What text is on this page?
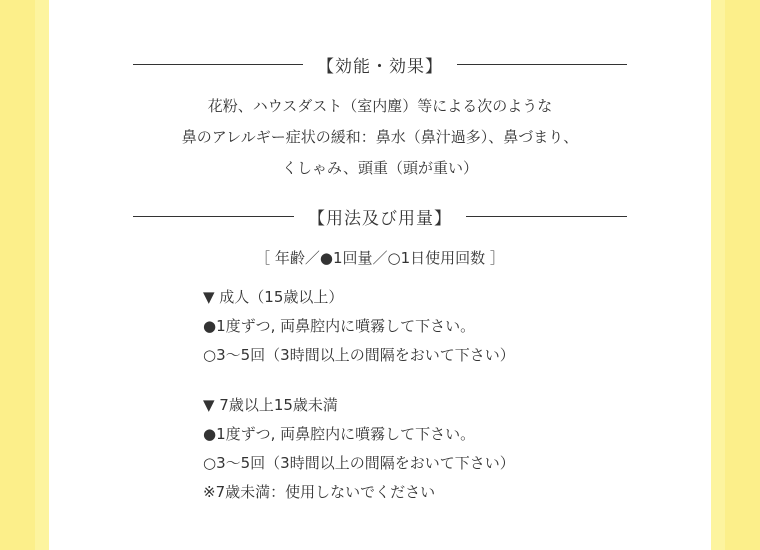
【効能・効果】

花粉、ハウスダスト（室内塵）等による次のような
鼻のアレルギー症状の緩和：鼻水（鼻汁過多）、鼻づまり、
くしゃみ、頭重（頭が重い）

【用法及び用量】
［ 年齢／●1回量／○1日使用回数 ］
▼ 成人（15歳以上）
●1度ずつ, 両鼻腔内に噴霧して下さい。
○3～5回（3時間以上の間隔をおいて下さい）
▼ 7歳以上15歳未満
●1度ずつ, 両鼻腔内に噴霧して下さい。
○3～5回（3時間以上の間隔をおいて下さい）
※7歳未満：使用しないでください
